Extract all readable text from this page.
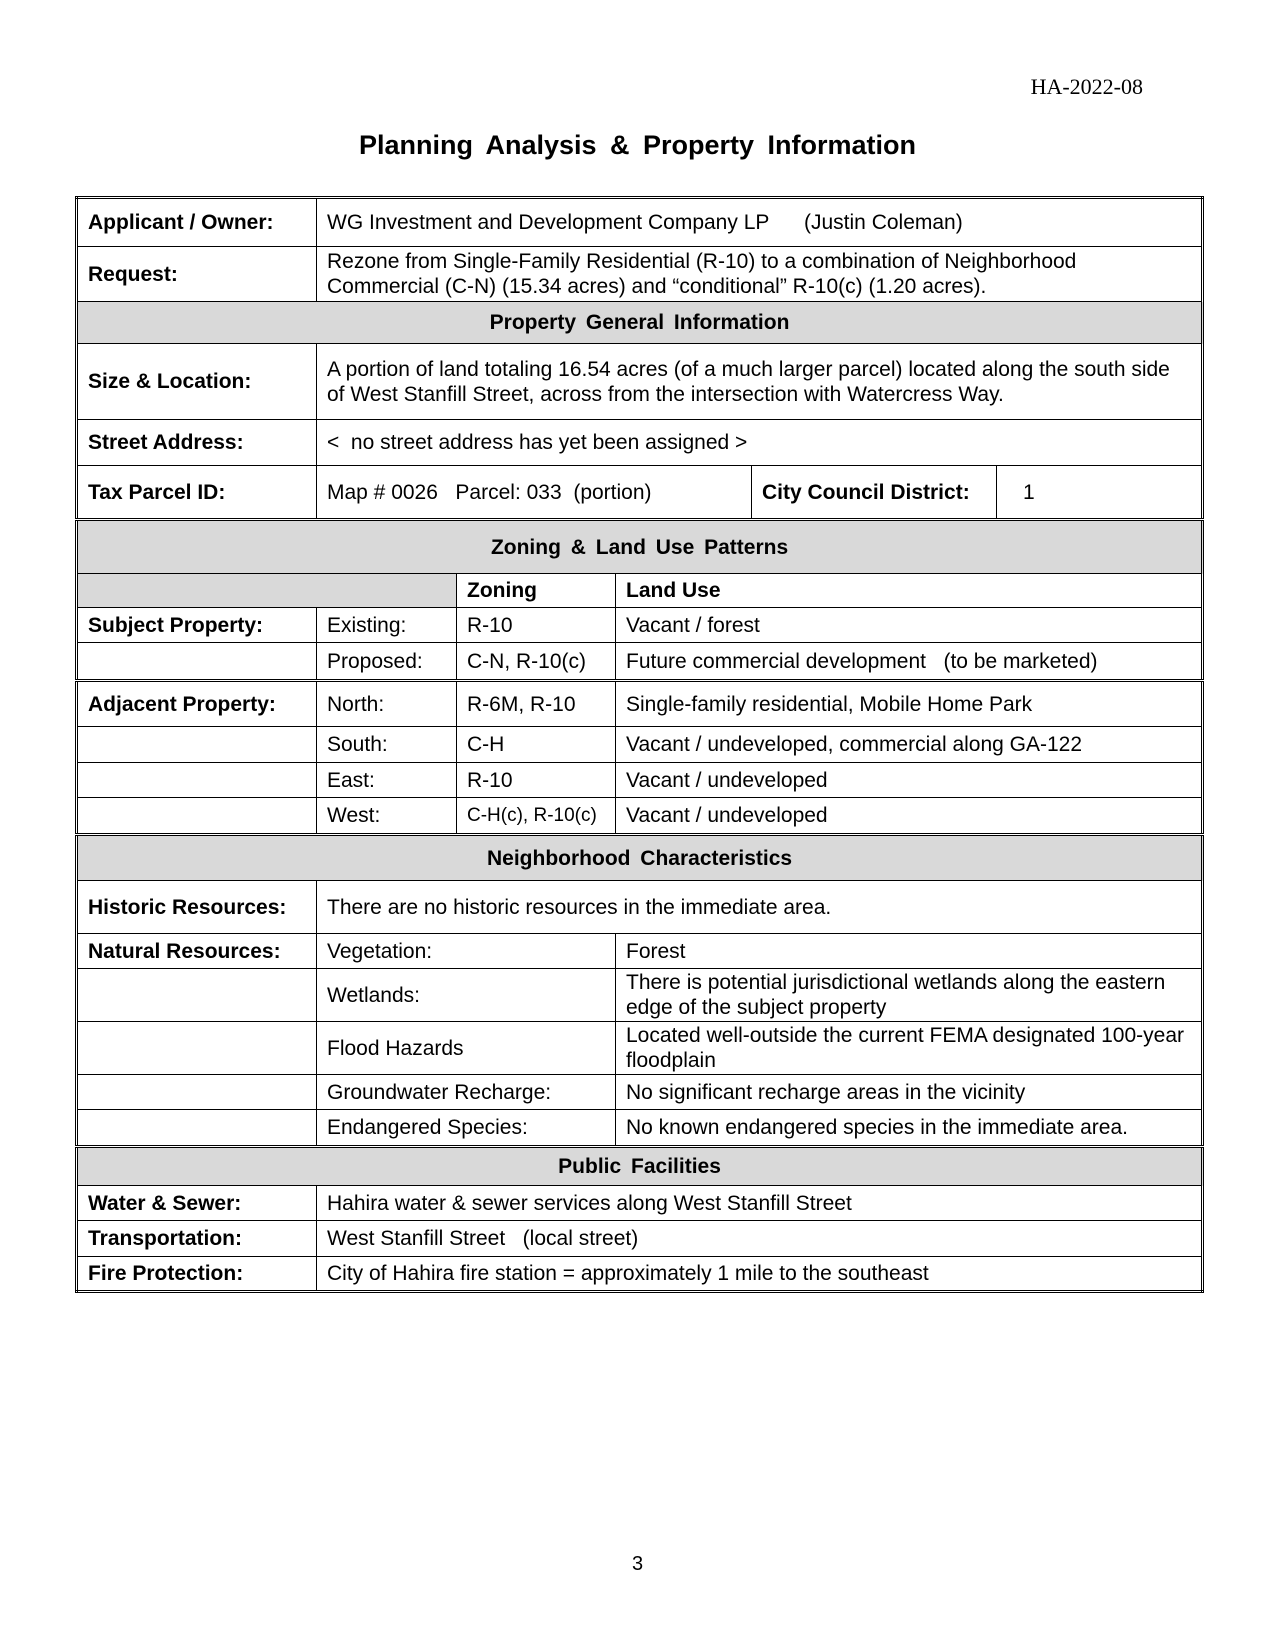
HA-2022-08
Planning Analysis & Property Information
Applicant / Owner:	WG Investment and Development Company LP      (Justin Coleman)				
Request:	Rezone from Single-Family Residential (R-10) to a combination of Neighborhood Commercial (C-N) (15.34 acres) and “conditional” R-10(c) (1.20 acres).				
Property General Information					
Size & Location:	A portion of land totaling 16.54 acres (of a much larger parcel) located along the south side of West Stanfill Street, across from the intersection with Watercress Way.				
Street Address:	<  no street address has yet been assigned >				
Tax Parcel ID:	Map # 0026   Parcel: 033  (portion)			City Council District:	1
Zoning & Land Use Patterns					
		Zoning	Land Use		
Subject Property:	Existing:	R-10	Vacant / forest		
	Proposed:	C-N, R-10(c)	Future commercial development   (to be marketed)		
Adjacent Property:	North:	R-6M, R-10	Single-family residential, Mobile Home Park		
	South:	C-H	Vacant / undeveloped, commercial along GA-122		
	East:	R-10	Vacant / undeveloped		
	West:	C-H(c), R-10(c)	Vacant / undeveloped		
Neighborhood Characteristics					
Historic Resources:	There are no historic resources in the immediate area.				
Natural Resources:	Vegetation:		Forest		
	Wetlands:		There is potential jurisdictional wetlands along the eastern edge of the subject property		
	Flood Hazards		Located well-outside the current FEMA designated 100-year floodplain		
	Groundwater Recharge:		No significant recharge areas in the vicinity		
	Endangered Species:		No known endangered species in the immediate area.		
Public Facilities					
Water & Sewer:	Hahira water & sewer services along West Stanfill Street				
Transportation:	West Stanfill Street   (local street)				
Fire Protection:	City of Hahira fire station = approximately 1 mile to the southeast				
3
